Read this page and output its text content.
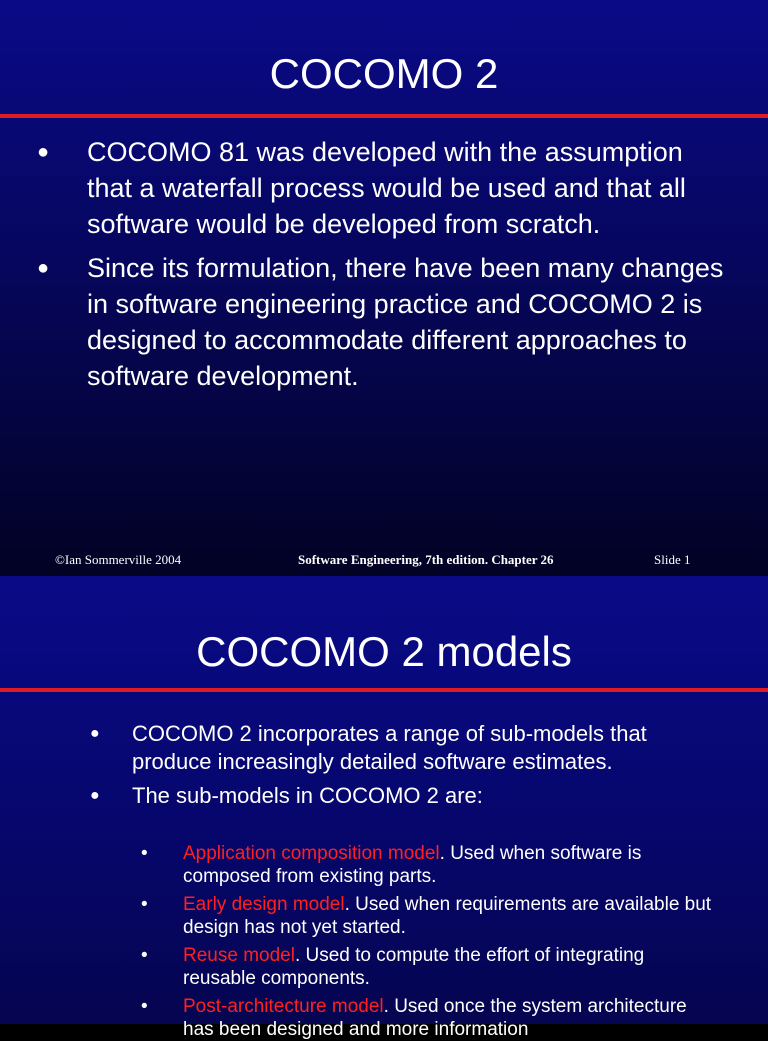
COCOMO 2
● COCOMO 81 was developed with the assumption that a waterfall process would be used and that all software would be developed from scratch.
● Since its formulation, there have been many changes in software engineering practice and COCOMO 2 is designed to accommodate different approaches to software development.
©Ian Sommerville 2004	Software Engineering, 7th edition. Chapter 26	Slide 1
COCOMO 2 models
● COCOMO 2 incorporates a range of sub-models that produce increasingly detailed software estimates.
● The sub-models in COCOMO 2 are:
• Application composition model. Used when software is composed from existing parts.
• Early design model. Used when requirements are available but design has not yet started.
• Reuse model. Used to compute the effort of integrating reusable components.
• Post-architecture model. Used once the system architecture has been designed and more information
